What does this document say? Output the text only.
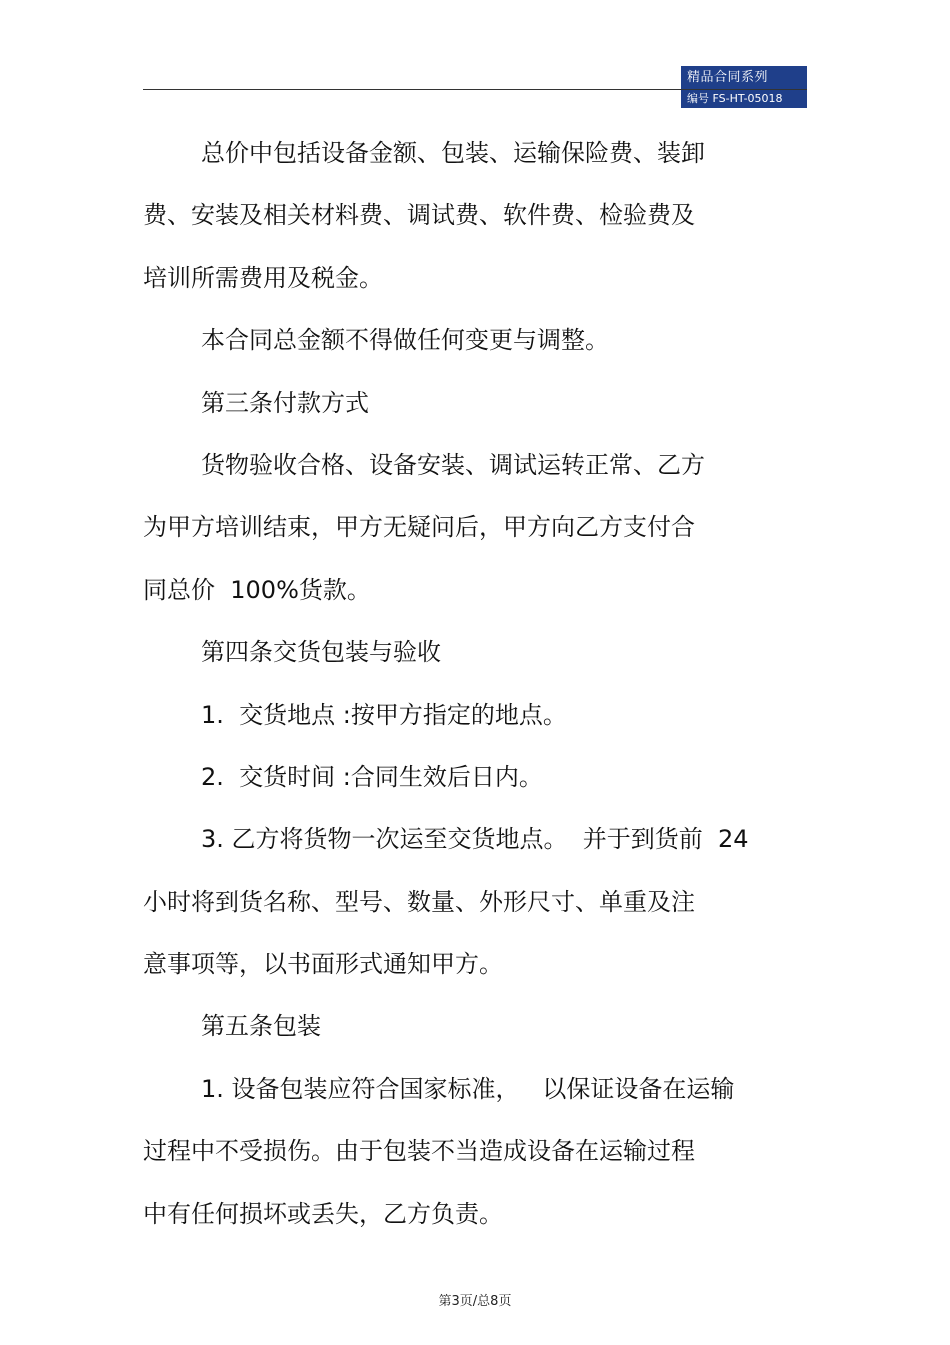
精品合同系列
编号 FS-HT-05018
总价中包括设备金额、包装、运输保险费、装卸
费、安装及相关材料费、调试费、软件费、检验费及
培训所需费用及税金。
本合同总金额不得做任何变更与调整。
第三条付款方式
货物验收合格、设备安装、调试运转正常、乙方
为甲方培训结束，甲方无疑问后，甲方向乙方支付合
同总价  100%货款。
第四条交货包装与验收
1.  交货地点 :按甲方指定的地点。
2.  交货时间 :合同生效后日内。
3. 乙方将货物一次运至交货地点。  并于到货前  24
小时将到货名称、型号、数量、外形尺寸、单重及注
意事项等，以书面形式通知甲方。
第五条包装
1. 设备包装应符合国家标准，   以保证设备在运输
过程中不受损伤。由于包装不当造成设备在运输过程
中有任何损坏或丢失，乙方负责。
第3页/总8页
